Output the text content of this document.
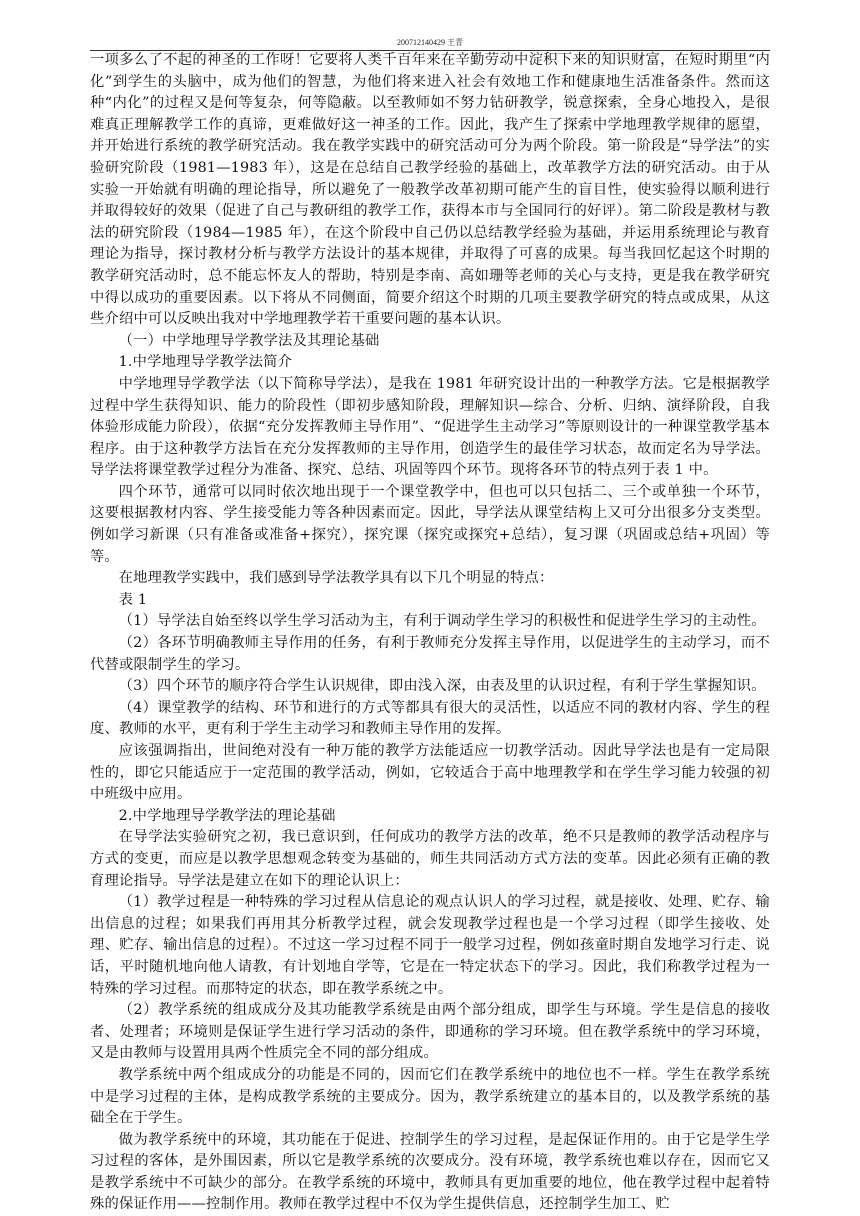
200712140429 王青

一项多么了不起的神圣的工作呀！它要将人类千百年来在辛勤劳动中淀积下来的知识财富，在短时期里“内化”到学生的头脑中，成为他们的智慧，为他们将来进入社会有效地工作和健康地生活准备条件。然而这种“内化”的过程又是何等复杂，何等隐蔽。以至教师如不努力钻研教学，锐意探索，全身心地投入，是很难真正理解教学工作的真谛，更难做好这一神圣的工作。因此，我产生了探索中学地理教学规律的愿望，并开始进行系统的教学研究活动。我在教学实践中的研究活动可分为两个阶段。第一阶段是“导学法”的实验研究阶段（1981—1983 年），这是在总结自己教学经验的基础上，改革教学方法的研究活动。由于从实验一开始就有明确的理论指导，所以避免了一般教学改革初期可能产生的盲目性，使实验得以顺利进行并取得较好的效果（促进了自己与教研组的教学工作，获得本市与全国同行的好评）。第二阶段是教材与教法的研究阶段（1984—1985 年），在这个阶段中自己仍以总结教学经验为基础，并运用系统理论与教育理论为指导，探讨教材分析与教学方法设计的基本规律，并取得了可喜的成果。每当我回忆起这个时期的教学研究活动时，总不能忘怀友人的帮助，特别是李南、高如珊等老师的关心与支持，更是我在教学研究中得以成功的重要因素。以下将从不同侧面，简要介绍这个时期的几项主要教学研究的特点或成果，从这些介绍中可以反映出我对中学地理教学若干重要问题的基本认识。

（一）中学地理导学教学法及其理论基础

1.中学地理导学教学法简介

中学地理导学教学法（以下简称导学法），是我在 1981 年研究设计出的一种教学方法。它是根据教学过程中学生获得知识、能力的阶段性（即初步感知阶段，理解知识—综合、分析、归纳、演绎阶段，自我体验形成能力阶段），依据“充分发挥教师主导作用”、“促进学生主动学习”等原则设计的一种课堂教学基本程序。由于这种教学方法旨在充分发挥教师的主导作用，创造学生的最佳学习状态，故而定名为导学法。导学法将课堂教学过程分为准备、探究、总结、巩固等四个环节。现将各环节的特点列于表 1 中。

四个环节，通常可以同时依次地出现于一个课堂教学中，但也可以只包括二、三个或单独一个环节，这要根据教材内容、学生接受能力等各种因素而定。因此，导学法从课堂结构上又可分出很多分支类型。例如学习新课（只有准备或准备+探究），探究课（探究或探究+总结），复习课（巩固或总结+巩固）等等。

在地理教学实践中，我们感到导学法教学具有以下几个明显的特点：

表 1

（1）导学法自始至终以学生学习活动为主，有利于调动学生学习的积极性和促进学生学习的主动性。

（2）各环节明确教师主导作用的任务，有利于教师充分发挥主导作用，以促进学生的主动学习，而不代替或限制学生的学习。

（3）四个环节的顺序符合学生认识规律，即由浅入深，由表及里的认识过程，有利于学生掌握知识。

（4）课堂教学的结构、环节和进行的方式等都具有很大的灵活性，以适应不同的教材内容、学生的程度、教师的水平，更有利于学生主动学习和教师主导作用的发挥。

应该强调指出，世间绝对没有一种万能的教学方法能适应一切教学活动。因此导学法也是有一定局限性的，即它只能适应于一定范围的教学活动，例如，它较适合于高中地理教学和在学生学习能力较强的初中班级中应用。

2.中学地理导学教学法的理论基础

在导学法实验研究之初，我已意识到，任何成功的教学方法的改革，绝不只是教师的教学活动程序与方式的变更，而应是以教学思想观念转变为基础的，师生共同活动方式方法的变革。因此必须有正确的教育理论指导。导学法是建立在如下的理论认识上：

（1）教学过程是一种特殊的学习过程从信息论的观点认识人的学习过程，就是接收、处理、贮存、输出信息的过程；如果我们再用其分析教学过程，就会发现教学过程也是一个学习过程（即学生接收、处理、贮存、输出信息的过程）。不过这一学习过程不同于一般学习过程，例如孩童时期自发地学习行走、说话，平时随机地向他人请教，有计划地自学等，它是在一特定状态下的学习。因此，我们称教学过程为一特殊的学习过程。而那特定的状态，即在教学系统之中。

（2）教学系统的组成成分及其功能教学系统是由两个部分组成，即学生与环境。学生是信息的接收者、处理者；环境则是保证学生进行学习活动的条件，即通称的学习环境。但在教学系统中的学习环境，又是由教师与设置用具两个性质完全不同的部分组成。

教学系统中两个组成成分的功能是不同的，因而它们在教学系统中的地位也不一样。学生在教学系统中是学习过程的主体，是构成教学系统的主要成分。因为，教学系统建立的基本目的，以及教学系统的基础全在于学生。

做为教学系统中的环境，其功能在于促进、控制学生的学习过程，是起保证作用的。由于它是学生学习过程的客体，是外围因素，所以它是教学系统的次要成分。没有环境，教学系统也难以存在，因而它又是教学系统中不可缺少的部分。在教学系统的环境中，教师具有更加重要的地位，他在教学过程中起着特殊的保证作用——控制作用。教师在教学过程中不仅为学生提供信息，还控制学生加工、贮
